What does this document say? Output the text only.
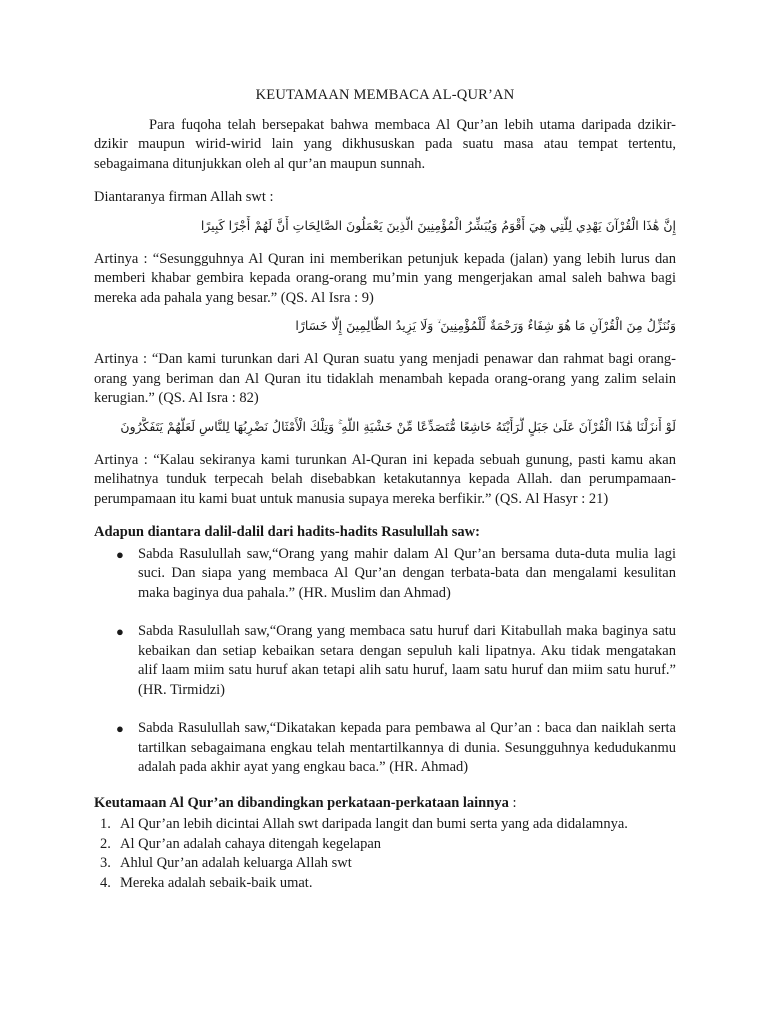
KEUTAMAAN MEMBACA AL-QUR’AN

Para fuqoha telah bersepakat bahwa membaca Al Qur’an lebih utama daripada dzikir-dzikir maupun wirid-wirid lain yang dikhususkan pada suatu masa atau tempat tertentu, sebagaimana ditunjukkan oleh al qur’an maupun sunnah.

Diantaranya firman Allah swt :

إِنَّ هَٰذَا الْقُرْآنَ يَهْدِي لِلَّتِي هِيَ أَقْوَمُ وَيُبَشِّرُ الْمُؤْمِنِينَ الَّذِينَ يَعْمَلُونَ الصَّالِحَاتِ أَنَّ لَهُمْ أَجْرًا كَبِيرًا

Artinya : “Sesungguhnya Al Quran ini memberikan petunjuk kepada (jalan) yang lebih lurus dan memberi khabar gembira kepada orang-orang mu’min yang mengerjakan amal saleh bahwa bagi mereka ada pahala yang besar.” (QS. Al Isra : 9)

وَنُنَزِّلُ مِنَ الْقُرْآنِ مَا هُوَ شِفَاءٌ وَرَحْمَةٌ لِّلْمُؤْمِنِينَ ۙ وَلَا يَزِيدُ الظَّالِمِينَ إِلَّا خَسَارًا

Artinya : “Dan kami turunkan dari Al Quran suatu yang menjadi penawar dan rahmat bagi orang-orang yang beriman dan Al Quran itu tidaklah menambah kepada orang-orang yang zalim selain kerugian.” (QS. Al Isra : 82)

لَوْ أَنزَلْنَا هَٰذَا الْقُرْآنَ عَلَىٰ جَبَلٍ لَّرَأَيْتَهُ خَاشِعًا مُّتَصَدِّعًا مِّنْ خَشْيَةِ اللَّهِ ۚ وَتِلْكَ الْأَمْثَالُ نَضْرِبُهَا لِلنَّاسِ لَعَلَّهُمْ يَتَفَكَّرُونَ

Artinya : “Kalau sekiranya kami turunkan Al-Quran ini kepada sebuah gunung, pasti kamu akan melihatnya tunduk terpecah belah disebabkan ketakutannya kepada Allah. dan perumpamaan-perumpamaan itu kami buat untuk manusia supaya mereka berfikir.” (QS. Al Hasyr : 21)

Adapun diantara dalil-dalil dari hadits-hadits Rasulullah saw:

● Sabda Rasulullah saw,“Orang yang mahir dalam Al Qur’an bersama duta-duta mulia lagi suci. Dan siapa yang membaca Al Qur’an dengan terbata-bata dan mengalami kesulitan maka baginya dua pahala.” (HR. Muslim dan Ahmad)
● Sabda Rasulullah saw,“Orang yang membaca satu huruf dari Kitabullah maka baginya satu kebaikan dan setiap kebaikan setara dengan sepuluh kali lipatnya. Aku tidak mengatakan alif laam miim satu huruf akan tetapi alih satu huruf, laam satu huruf dan miim satu huruf.” (HR. Tirmidzi)
● Sabda Rasulullah saw,“Dikatakan kepada para pembawa al Qur’an : baca dan naiklah serta tartilkan sebagaimana engkau telah mentartilkannya di dunia. Sesungguhnya kedudukanmu adalah pada akhir ayat yang engkau baca.” (HR. Ahmad)

Keutamaan Al Qur’an dibandingkan perkataan-perkataan lainnya :

1. Al Qur’an lebih dicintai Allah swt daripada langit dan bumi serta yang ada didalamnya.
2. Al Qur’an adalah cahaya ditengah kegelapan
3. Ahlul Qur’an adalah keluarga Allah swt
4. Mereka adalah sebaik-baik umat.
